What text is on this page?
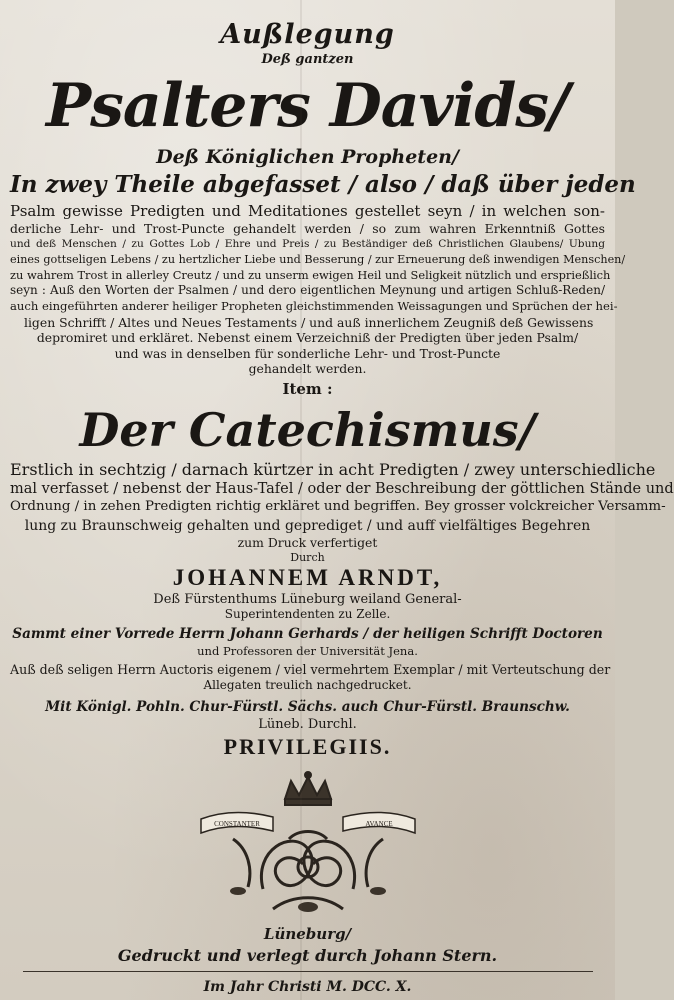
Außlegung
Deß gantzen
Psalters Davids/
Deß Königlichen Propheten/
In zwey Theile abgefasset / also / daß über jeden
Psalm gewisse Predigten und Meditationes gestellet seyn / in welchen son-
derliche Lehr- und Trost-Puncte gehandelt werden / so zum wahren Erkenntniß Gottes
und deß Menschen / zu Gottes Lob / Ehre und Preis / zu Beständiger deß Christlichen Glaubens/ Ubung
eines gottseligen Lebens / zu hertzlicher Liebe und Besserung / zur Erneuerung deß inwendigen Menschen/
zu wahrem Trost in allerley Creutz / und zu unserm ewigen Heil und Seligkeit nützlich und ersprießlich
seyn : Auß den Worten der Psalmen / und dero eigentlichen Meynung und artigen Schluß-Reden/
auch eingeführten anderer heiliger Propheten gleichstimmenden Weissagungen und Sprüchen der hei-
ligen Schrifft / Altes und Neues Testaments / und auß innerlichem Zeugniß deß Gewissens
depromiret und erkläret. Nebenst einem Verzeichniß der Predigten über jeden Psalm/
und was in denselben für sonderliche Lehr- und Trost-Puncte
gehandelt werden.
Item :
Der Catechismus/
Erstlich in sechtzig / darnach kürtzer in acht Predigten / zwey unterschiedliche
mal verfasset / nebenst der Haus-Tafel / oder der Beschreibung der göttlichen Stände und
Ordnung / in zehen Predigten richtig erkläret und begriffen. Bey grosser volckreicher Versamm-
lung zu Braunschweig gehalten und geprediget / und auff vielfältiges Begehren
zum Druck verfertiget
Durch
JOHANNEM ARNDT,
Deß Fürstenthums Lüneburg weiland General-
Superintendenten zu Zelle.
Sammt einer Vorrede Herrn Johann Gerhards / der heiligen Schrifft Doctoren
und Professoren der Universität Jena.
Auß deß seligen Herrn Auctoris eigenem / viel vermehrtem Exemplar / mit Verteutschung der
Allegaten treulich nachgedrucket.
Mit Königl. Pohln. Chur-Fürstl. Sächs. auch Chur-Fürstl. Braunschw.
Lüneb. Durchl.
PRIVILEGIIS.
CONSTANTER	AVANCE
Lüneburg/
Gedruckt und verlegt durch Johann Stern.
Im Jahr Christi M. DCC. X.
